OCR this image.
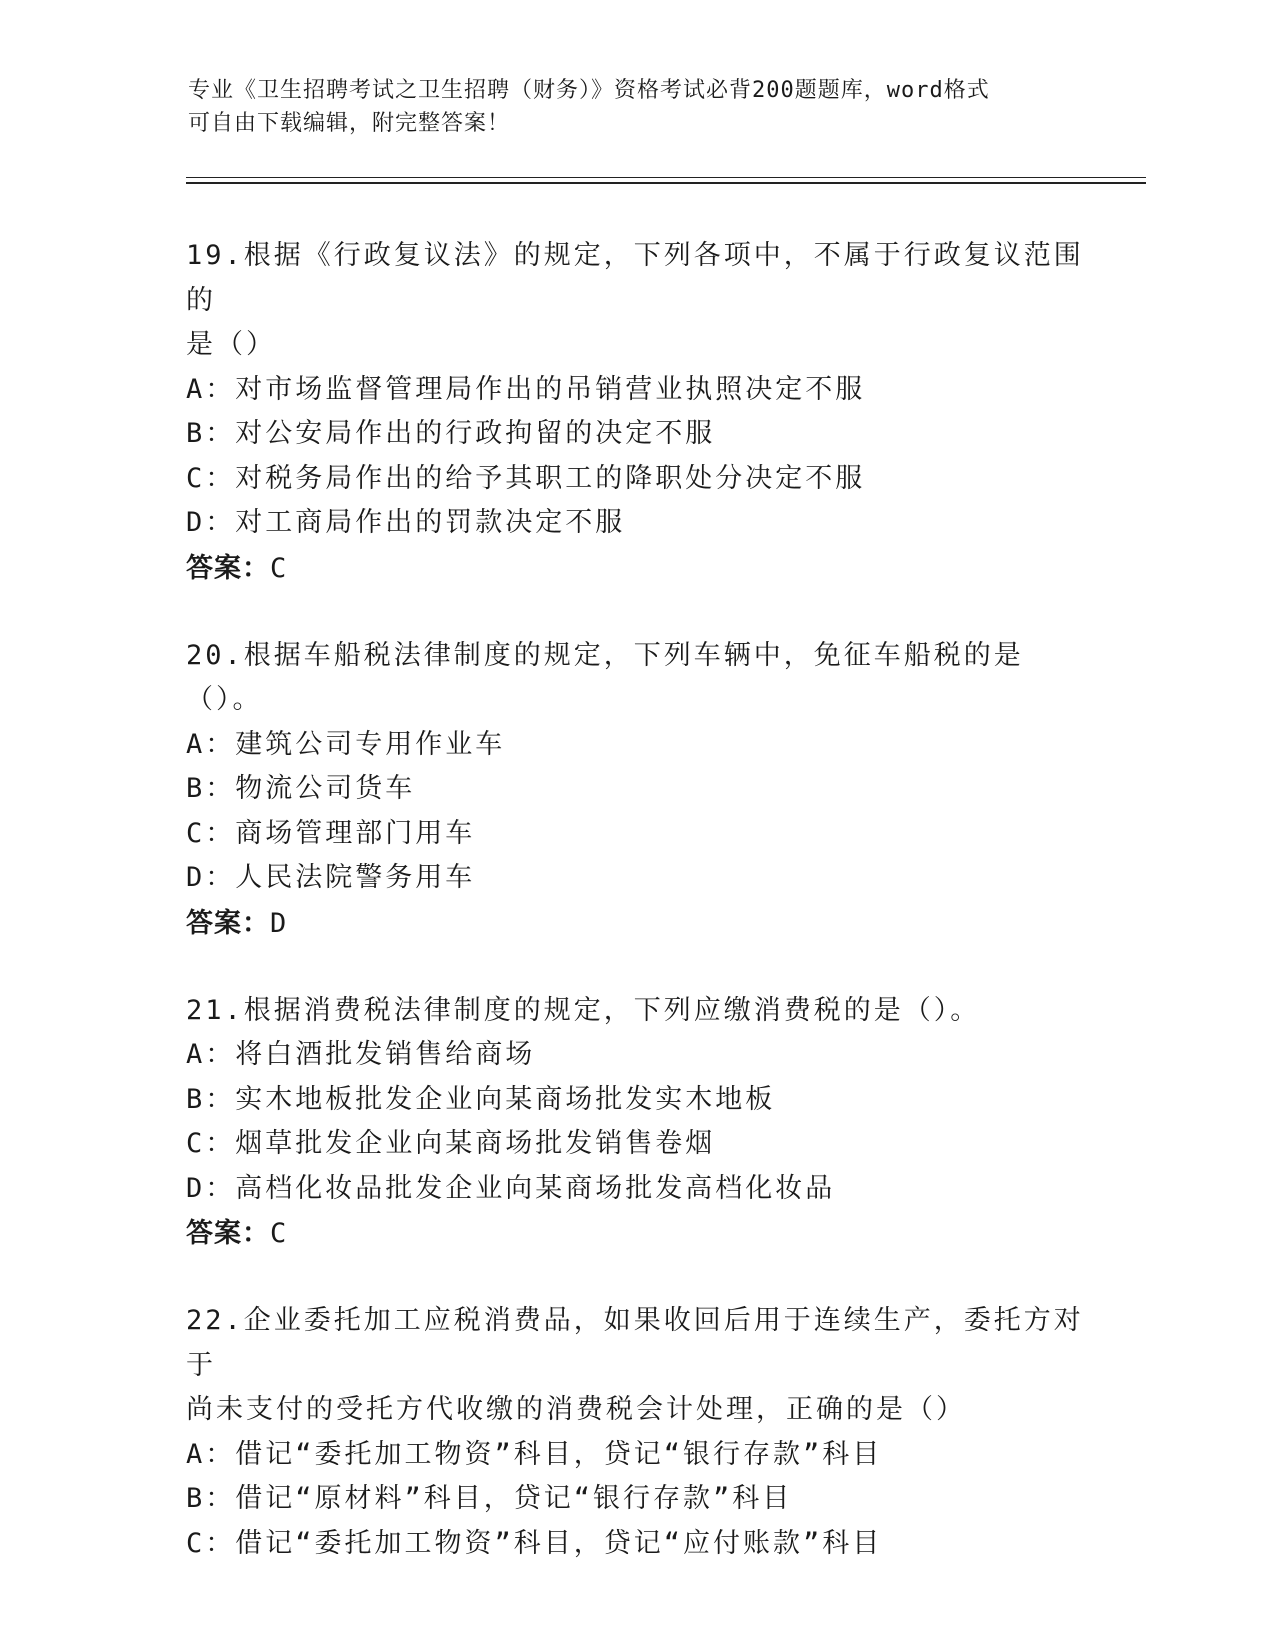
专业《卫生招聘考试之卫生招聘（财务）》资格考试必背200题题库，word格式
可自由下载编辑，附完整答案！
19.根据《行政复议法》的规定，下列各项中，不属于行政复议范围的
是（）
A：对市场监督管理局作出的吊销营业执照决定不服
B：对公安局作出的行政拘留的决定不服
C：对税务局作出的给予其职工的降职处分决定不服
D：对工商局作出的罚款决定不服
答案：C
20.根据车船税法律制度的规定，下列车辆中，免征车船税的是（）。
A：建筑公司专用作业车
B：物流公司货车
C：商场管理部门用车
D：人民法院警务用车
答案：D
21.根据消费税法律制度的规定，下列应缴消费税的是（）。
A：将白酒批发销售给商场
B：实木地板批发企业向某商场批发实木地板
C：烟草批发企业向某商场批发销售卷烟
D：高档化妆品批发企业向某商场批发高档化妆品
答案：C
22.企业委托加工应税消费品，如果收回后用于连续生产，委托方对于
尚未支付的受托方代收缴的消费税会计处理，正确的是（）
A：借记“委托加工物资”科目，贷记“银行存款”科目
B：借记“原材料”科目，贷记“银行存款”科目
C：借记“委托加工物资”科目，贷记“应付账款”科目
